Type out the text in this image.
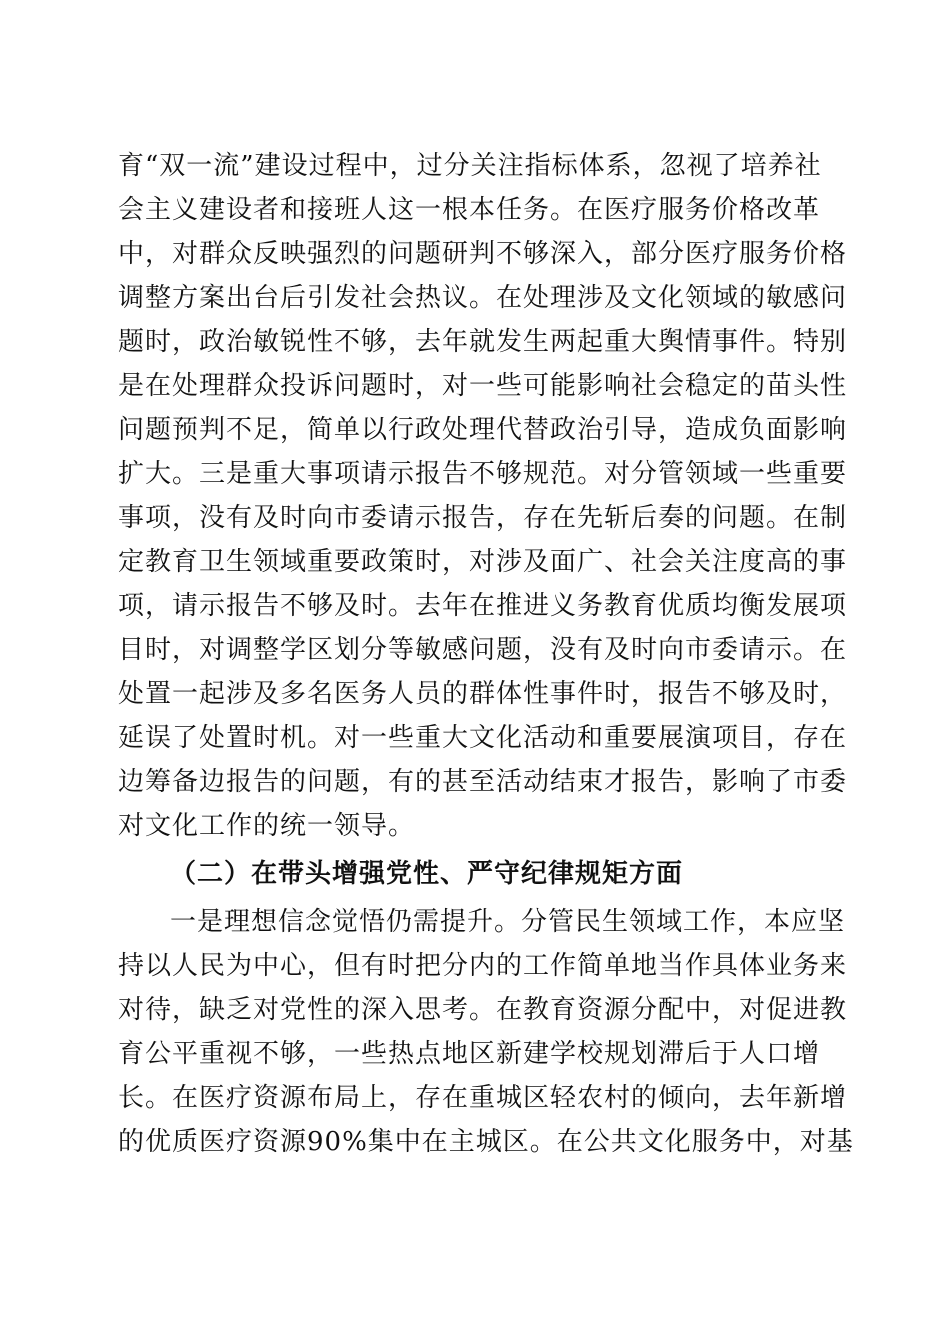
育“双一流”建设过程中，过分关注指标体系，忽视了培养社
会主义建设者和接班人这一根本任务。在医疗服务价格改革
中，对群众反映强烈的问题研判不够深入，部分医疗服务价格
调整方案出台后引发社会热议。在处理涉及文化领域的敏感问
题时，政治敏锐性不够，去年就发生两起重大舆情事件。特别
是在处理群众投诉问题时，对一些可能影响社会稳定的苗头性
问题预判不足，简单以行政处理代替政治引导，造成负面影响
扩大。三是重大事项请示报告不够规范。对分管领域一些重要
事项，没有及时向市委请示报告，存在先斩后奏的问题。在制
定教育卫生领域重要政策时，对涉及面广、社会关注度高的事
项，请示报告不够及时。去年在推进义务教育优质均衡发展项
目时，对调整学区划分等敏感问题，没有及时向市委请示。在
处置一起涉及多名医务人员的群体性事件时，报告不够及时，
延误了处置时机。对一些重大文化活动和重要展演项目，存在
边筹备边报告的问题，有的甚至活动结束才报告，影响了市委
对文化工作的统一领导。
（二）在带头增强党性、严守纪律规矩方面
一是理想信念觉悟仍需提升。分管民生领域工作，本应坚
持以人民为中心，但有时把分内的工作简单地当作具体业务来
对待，缺乏对党性的深入思考。在教育资源分配中，对促进教
育公平重视不够，一些热点地区新建学校规划滞后于人口增
长。在医疗资源布局上，存在重城区轻农村的倾向，去年新增
的优质医疗资源90%集中在主城区。在公共文化服务中，对基
